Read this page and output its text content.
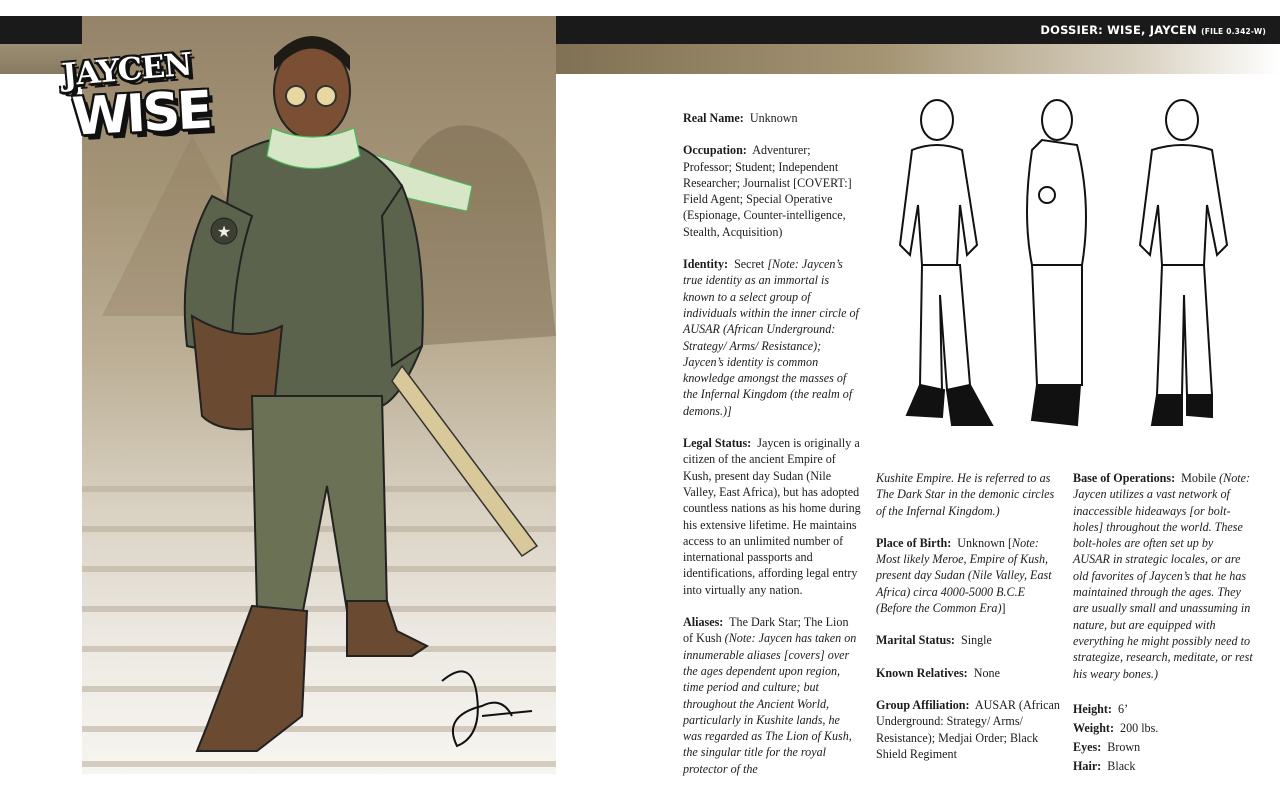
DOSSIER: WISE, JAYCEN (FILE 0.342-W)
★
JAYCEN
WISE	Real Name: Unknown

Occupation: Adventurer; Professor; Student; Independent Researcher; Journalist [COVERT:] Field Agent; Special Operative (Espionage, Counter-intelligence, Stealth, Acquisition)

Identity: Secret [Note: Jaycen’s true identity as an immortal is known to a select group of individuals within the inner circle of AUSAR (African Underground: Strategy/ Arms/ Resistance); Jaycen’s identity is common knowledge amongst the masses of the Infernal Kingdom (the realm of demons.)]

Legal Status: Jaycen is originally a citizen of the ancient Empire of Kush, present day Sudan (Nile Valley, East Africa), but has adopted countless nations as his home during his extensive lifetime. He maintains access to an unlimited number of international passports and identifications, affording legal entry into virtually any nation.

Aliases: The Dark Star; The Lion of Kush (Note: Jaycen has taken on innumerable aliases [covers] over the ages dependent upon region, time period and culture; but throughout the Ancient World, particularly in Kushite lands, he was regarded as The Lion of Kush, the singular title for the royal protector of the

Kushite Empire. He is referred to as The Dark Star in the demonic circles of the Infernal Kingdom.)

Place of Birth: Unknown [Note: Most likely Meroe, Empire of Kush, present day Sudan (Nile Valley, East Africa) circa 4000-5000 B.C.E (Before the Common Era)]

Marital Status: Single

Known Relatives: None

Group Affiliation: AUSAR (African Underground: Strategy/ Arms/ Resistance); Medjai Order; Black Shield Regiment

Base of Operations: Mobile (Note: Jaycen utilizes a vast network of inaccessible hideaways [or bolt-holes] throughout the world. These bolt-holes are often set up by AUSAR in strategic locales, or are old favorites of Jaycen’s that he has maintained through the ages. They are usually small and unassuming in nature, but are equipped with everything he might possibly need to strategize, research, meditate, or rest his weary bones.)

Height: 6’
Weight: 200 lbs.
Eyes: Brown
Hair: Black
